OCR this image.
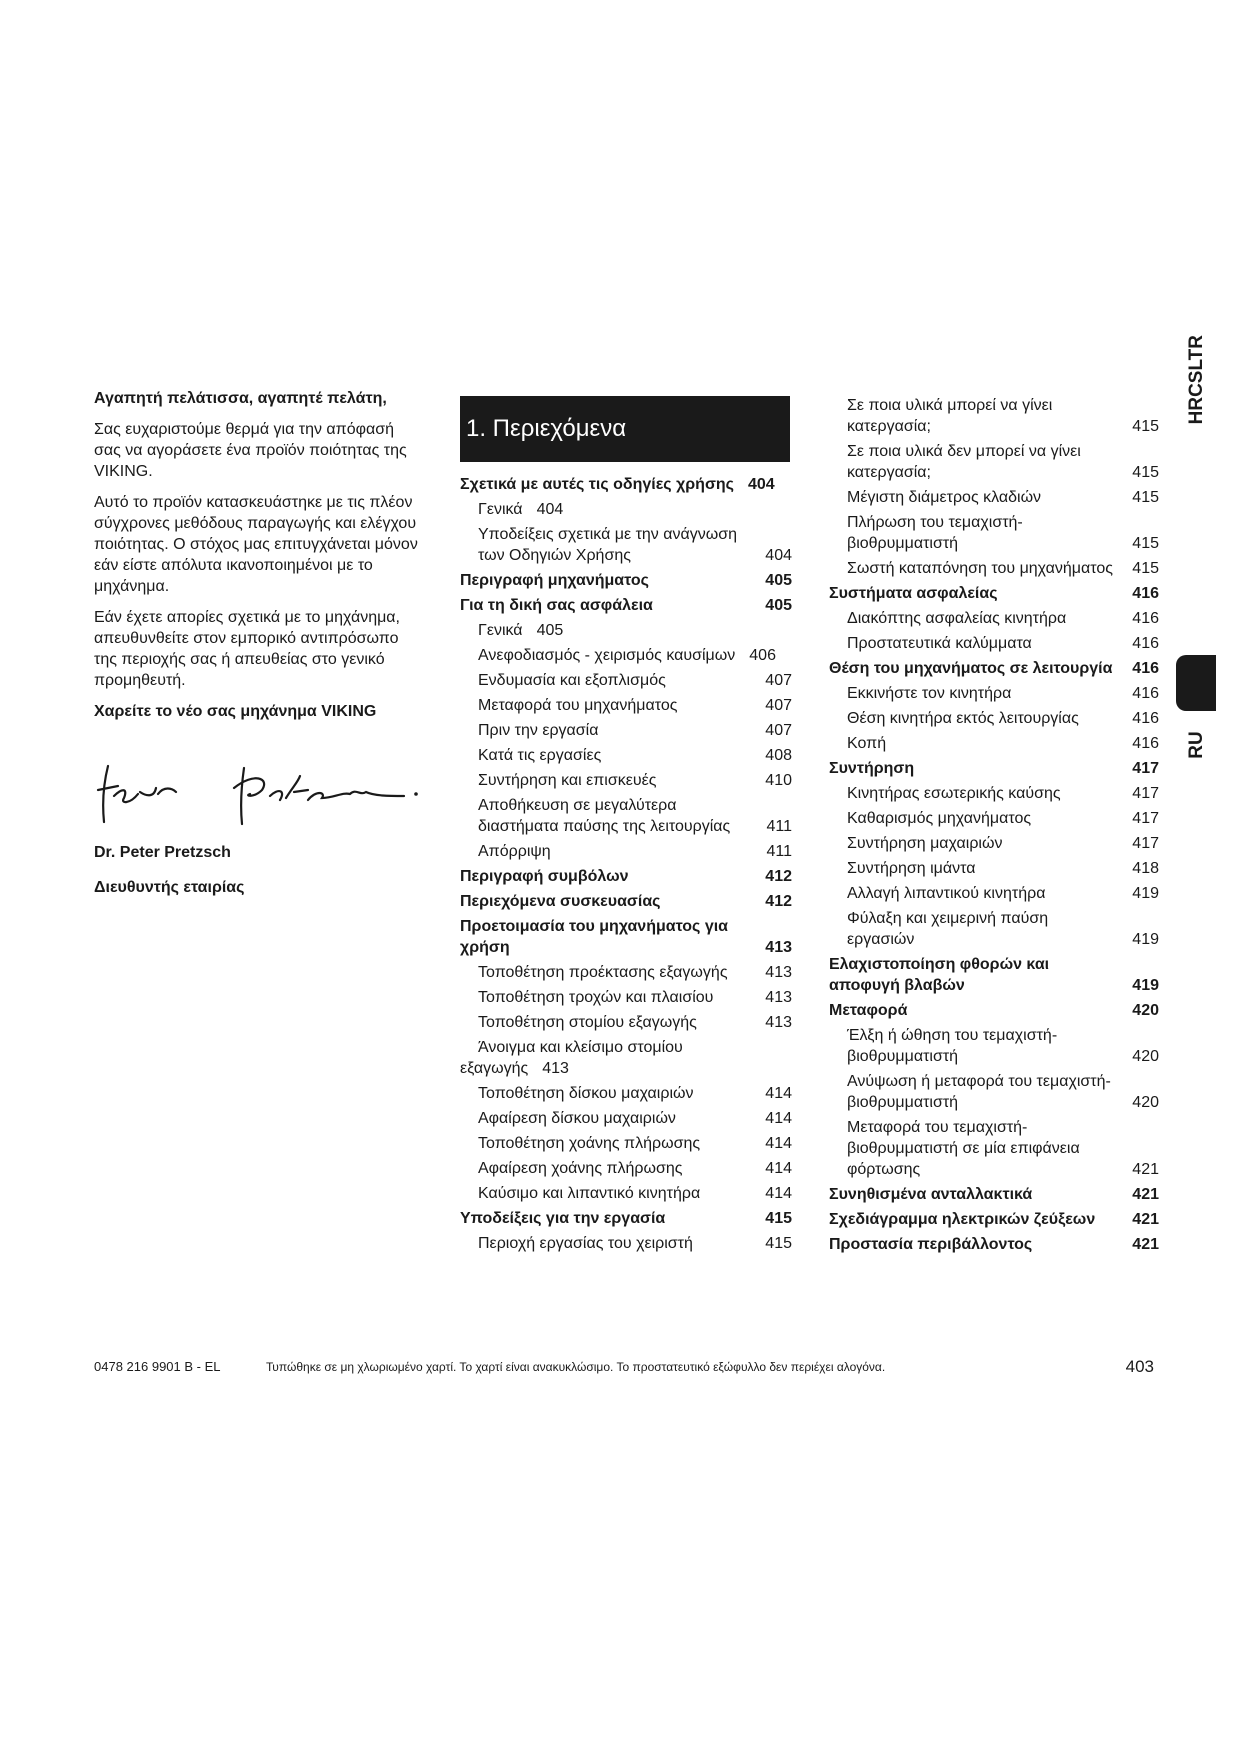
Αγαπητή πελάτισσα, αγαπητέ πελάτη,

Σας ευχαριστούμε θερμά για την απόφασή σας να αγοράσετε ένα προϊόν ποιότητας της VIKING.

Αυτό το προϊόν κατασκευάστηκε με τις πλέον σύγχρονες μεθόδους παραγωγής και ελέγχου ποιότητας. Ο στόχος μας επιτυγχάνεται μόνον εάν είστε απόλυτα ικανοποιημένοι με το μηχάνημα.

Εάν έχετε απορίες σχετικά με το μηχάνημα, απευθυνθείτε στον εμπορικό αντιπρόσωπο της περιοχής σας ή απευθείας στο γενικό προμηθευτή.

Χαρείτε το νέο σας μηχάνημα VIKING

Dr. Peter Pretzsch
Διευθυντής εταιρίας
1. Περιεχόμενα
Σχετικά με αυτές τις οδηγίες χρήσης 404
Γενικά 404
Υποδείξεις σχετικά με την ανάγνωση των Οδηγιών Χρήσης	404
Περιγραφή μηχανήματος	405
Για τη δική σας ασφάλεια	405
Γενικά 405
Ανεφοδιασμός - χειρισμός καυσίμων 406
Ενδυμασία και εξοπλισμός	407
Μεταφορά του μηχανήματος	407
Πριν την εργασία	407
Κατά τις εργασίες	408
Συντήρηση και επισκευές	410
Αποθήκευση σε μεγαλύτερα διαστήματα παύσης της λειτουργίας	411
Απόρριψη	411
Περιγραφή συμβόλων	412
Περιεχόμενα συσκευασίας	412
Προετοιμασία του μηχανήματος για χρήση	413
Τοποθέτηση προέκτασης εξαγωγής	413
Τοποθέτηση τροχών και πλαισίου	413
Τοποθέτηση στομίου εξαγωγής	413
Άνοιγμα και κλείσιμο στομίου εξαγωγής 413
Τοποθέτηση δίσκου μαχαιριών	414
Αφαίρεση δίσκου μαχαιριών	414
Τοποθέτηση χοάνης πλήρωσης	414
Αφαίρεση χοάνης πλήρωσης	414
Καύσιμο και λιπαντικό κινητήρα	414
Υποδείξεις για την εργασία	415
Περιοχή εργασίας του χειριστή	415
Σε ποια υλικά μπορεί να γίνει κατεργασία;	415
Σε ποια υλικά δεν μπορεί να γίνει κατεργασία;	415
Μέγιστη διάμετρος κλαδιών	415
Πλήρωση του τεμαχιστή-βιοθρυμματιστή	415
Σωστή καταπόνηση του μηχανήματος	415
Συστήματα ασφαλείας	416
Διακόπτης ασφαλείας κινητήρα	416
Προστατευτικά καλύμματα	416
Θέση του μηχανήματος σε λειτουργία	416
Εκκινήστε τον κινητήρα	416
Θέση κινητήρα εκτός λειτουργίας	416
Κοπή	416
Συντήρηση	417
Κινητήρας εσωτερικής καύσης	417
Καθαρισμός μηχανήματος	417
Συντήρηση μαχαιριών	417
Συντήρηση ιμάντα	418
Αλλαγή λιπαντικού κινητήρα	419
Φύλαξη και χειμερινή παύση εργασιών	419
Ελαχιστοποίηση φθορών και αποφυγή βλαβών	419
Μεταφορά	420
Έλξη ή ώθηση του τεμαχιστή-βιοθρυμματιστή	420
Ανύψωση ή μεταφορά του τεμαχιστή-βιοθρυμματιστή	420
Μεταφορά του τεμαχιστή-βιοθρυμματιστή σε μία επιφάνεια φόρτωσης	421
Συνηθισμένα ανταλλακτικά	421
Σχεδιάγραμμα ηλεκτρικών ζεύξεων	421
Προστασία περιβάλλοντος	421
HRCSLTR
RU
0478 216 9901 B - EL	Τυπώθηκε σε μη χλωριωμένο χαρτί. Το χαρτί είναι ανακυκλώσιμο. Το προστατευτικό εξώφυλλο δεν περιέχει αλογόνα.	403
